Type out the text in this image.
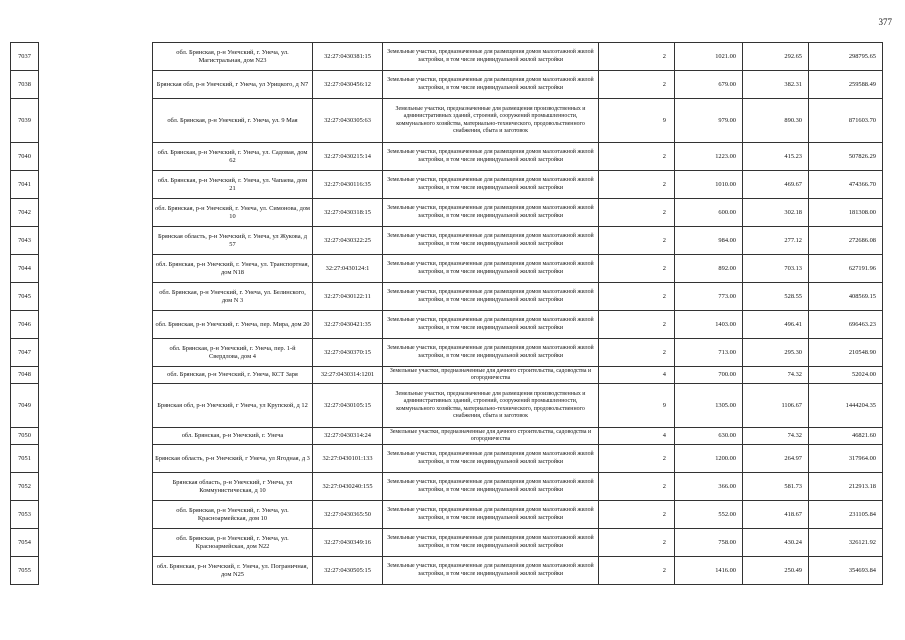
377
7037		обл. Брянская, р-н Унечский, г. Унеча, ул. Магистральная, дом N23	32:27:0430381:15	Земельные участки, предназначенные для размещения домов малоэтажной жилой застройки, в том числе индивидуальной жилой застройки	2	1021.00	292.65	298795.65
7038		Брянская обл, р-н Унечский, г Унеча, ул Урицкого, д N7	32:27:0430456:12	Земельные участки, предназначенные для размещения домов малоэтажной жилой застройки, в том числе индивидуальной жилой застройки	2	679.00	382.31	259588.49
7039		обл. Брянская, р-н Унечский, г. Унеча, ул. 9 Мая	32:27:0430305:63	Земельные участки, предназначенные для размещения производственных и административных зданий, строений, сооружений промышленности, коммунального хозяйства, материально-технического, продовольственного снабжения, сбыта и заготовок	9	979.00	890.30	871603.70
7040		обл. Брянская, р-н Унечский, г. Унеча, ул. Садовая, дом 62	32:27:0430215:14	Земельные участки, предназначенные для размещения домов малоэтажной жилой застройки, в том числе индивидуальной жилой застройки	2	1223.00	415.23	507826.29
7041		обл. Брянская, р-н Унечский, г. Унеча, ул. Чапаева, дом 21	32:27:0430116:35	Земельные участки, предназначенные для размещения домов малоэтажной жилой застройки, в том числе индивидуальной жилой застройки	2	1010.00	469.67	474366.70
7042		обл. Брянская, р-н Унечский, г. Унеча, ул. Симонова, дом 10	32:27:0430318:15	Земельные участки, предназначенные для размещения домов малоэтажной жилой застройки, в том числе индивидуальной жилой застройки	2	600.00	302.18	181308.00
7043		Брянская область, р-н Унечский, г. Унеча, ул Жукова, д 57	32:27:0430322:25	Земельные участки, предназначенные для размещения домов малоэтажной жилой застройки, в том числе индивидуальной жилой застройки	2	984.00	277.12	272686.08
7044		обл. Брянская, р-н Унечский, г. Унеча, ул. Транспортная, дом N18	32:27:0430124:1	Земельные участки, предназначенные для размещения домов малоэтажной жилой застройки, в том числе индивидуальной жилой застройки	2	892.00	703.13	627191.96
7045		обл. Брянская, р-н Унечский, г. Унеча, ул. Белинского, дом N 3	32:27:0430122:11	Земельные участки, предназначенные для размещения домов малоэтажной жилой застройки, в том числе индивидуальной жилой застройки	2	773.00	528.55	408569.15
7046		обл. Брянская, р-н Унечский, г. Унеча, пер. Мира, дом 20	32:27:0430421:35	Земельные участки, предназначенные для размещения домов малоэтажной жилой застройки, в том числе индивидуальной жилой застройки	2	1403.00	496.41	696463.23
7047		обл. Брянская, р-н Унечский, г. Унеча, пер. 1-й Свердлова, дом 4	32:27:0430370:15	Земельные участки, предназначенные для размещения домов малоэтажной жилой застройки, в том числе индивидуальной жилой застройки	2	713.00	295.30	210548.90
7048		обл. Брянская, р-н Унечский, г. Унеча, КСТ Заря	32:27:0430314:1201	Земельные участки, предназначенные для дачного строительства, садоводства и огородничества	4	700.00	74.32	52024.00
7049		Брянская обл, р-н Унечский, г Унеча, ул Крупской, д 12	32:27:0430105:15	Земельные участки, предназначенные для размещения производственных и административных зданий, строений, сооружений промышленности, коммунального хозяйства, материально-технического, продовольственного снабжения, сбыта и заготовок	9	1305.00	1106.67	1444204.35
7050		обл. Брянская, р-н Унечский, г. Унеча	32:27:0430314:24	Земельные участки, предназначенные для дачного строительства, садоводства и огородничества	4	630.00	74.32	46821.60
7051		Брянская область, р-н Унечский, г Унеча, ул Ягодная, д 3	32:27:0430101:133	Земельные участки, предназначенные для размещения домов малоэтажной жилой застройки, в том числе индивидуальной жилой застройки	2	1200.00	264.97	317964.00
7052		Брянская область, р-н Унечский, г Унеча, ул Коммунистическая, д 10	32:27:0430240:155	Земельные участки, предназначенные для размещения домов малоэтажной жилой застройки, в том числе индивидуальной жилой застройки	2	366.00	581.73	212913.18
7053		обл. Брянская, р-н Унечский, г. Унеча, ул. Красноармейская, дом 10	32:27:0430365:50	Земельные участки, предназначенные для размещения домов малоэтажной жилой застройки, в том числе индивидуальной жилой застройки	2	552.00	418.67	231105.84
7054		обл. Брянская, р-н Унечский, г. Унеча, ул. Красноармейская, дом N22	32:27:0430349:16	Земельные участки, предназначенные для размещения домов малоэтажной жилой застройки, в том числе индивидуальной жилой застройки	2	758.00	430.24	326121.92
7055		обл. Брянская, р-н Унечский, г. Унеча, ул. Пограничная, дом N25	32:27:0430505:15	Земельные участки, предназначенные для размещения домов малоэтажной жилой застройки, в том числе индивидуальной жилой застройки	2	1416.00	250.49	354693.84
